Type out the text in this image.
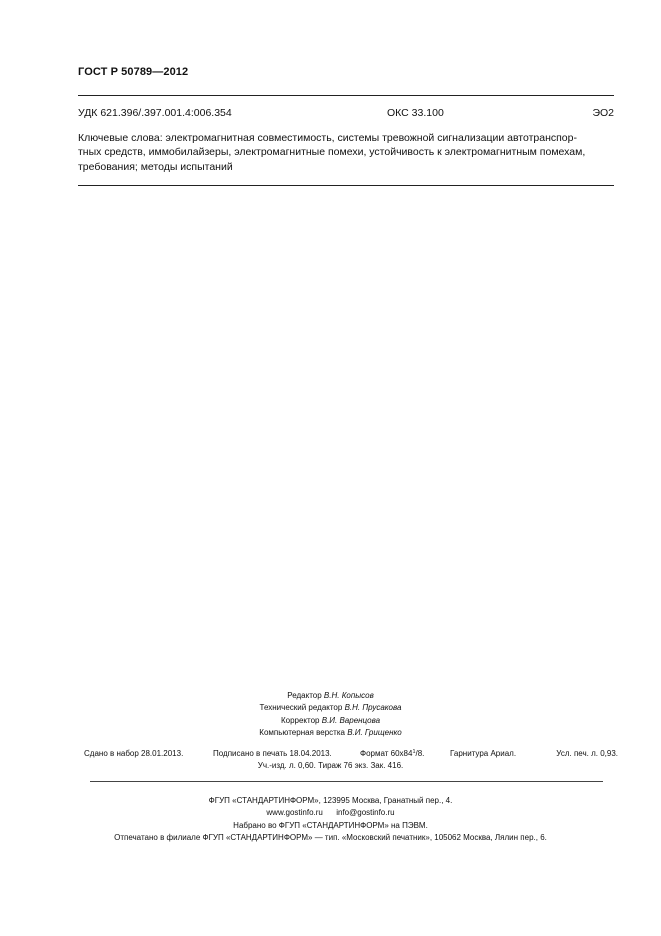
ГОСТ Р 50789—2012
УДК 621.396/.397.001.4:006.354	ОКС 33.100	ЭО2
Ключевые слова: электромагнитная совместимость, системы тревожной сигнализации автотранспор-
тных средств, иммобилайзеры, электромагнитные помехи, устойчивость к электромагнитным помехам,
требования; методы испытаний
Редактор В.Н. Копысов
Технический редактор В.Н. Прусакова
Корректор В.И. Варенцова
Компьютерная верстка В.И. Грищенко
Сдано в набор 28.01.2013.	Подписано в печать 18.04.2013.	Формат $60х84^1/8$.	Гарнитура Ариал.	Усл. печ. л. 0,93.
Уч.-изд. л. 0,60. Тираж 76 экз. Зак. 416.
ФГУП «СТАНДАРТИНФОРМ», 123995 Москва, Гранатный пер., 4.
www.gostinfo.ru info@gostinfo.ru
Набрано во ФГУП «СТАНДАРТИНФОРМ» на ПЭВМ.
Отпечатано в филиале ФГУП «СТАНДАРТИНФОРМ» — тип. «Московский печатник», 105062 Москва, Лялин пер., 6.
